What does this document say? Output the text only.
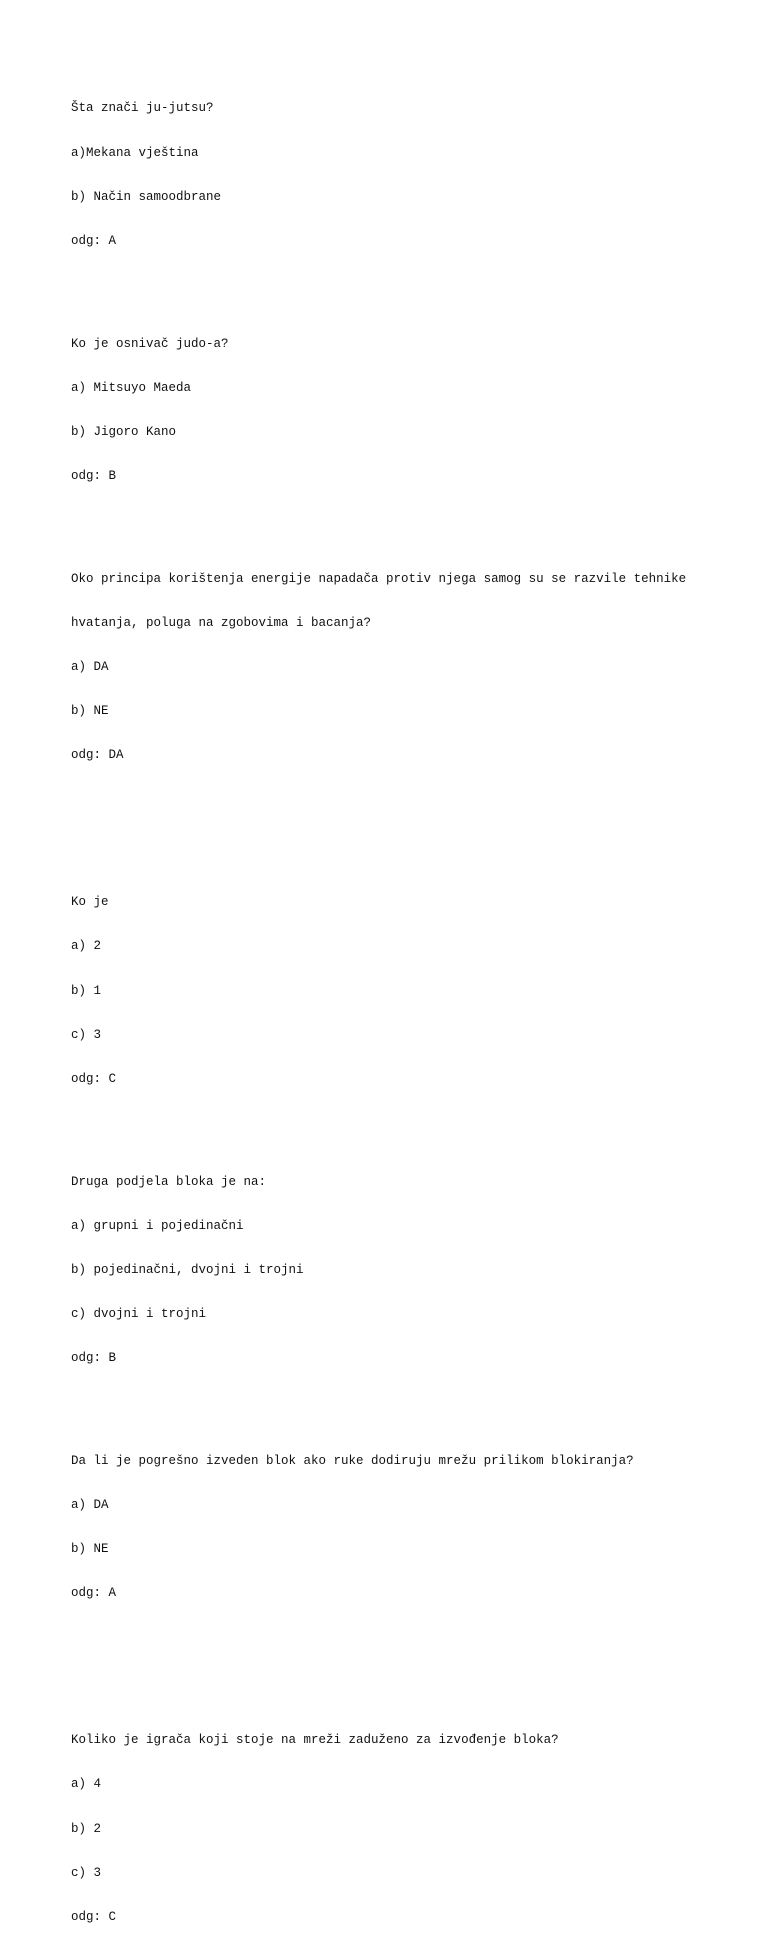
Šta znači ju-jutsu?

a)Mekana vještina

b) Način samoodbrane

odg: A

Ko je osnivač judo-a?

a) Mitsuyo Maeda

b) Jigoro Kano

odg: B

Oko principa korištenja energije napadača protiv njega samog su se razvile tehnike

hvatanja, poluga na zgobovima i bacanja?

a) DA

b) NE

odg: DA

Ko je

a) 2

b) 1

c) 3

odg: C

Druga podjela bloka je na:

a) grupni i pojedinačni

b) pojedinačni, dvojni i trojni

c) dvojni i trojni

odg: B

Da li je pogrešno izveden blok ako ruke dodiruju mrežu prilikom blokiranja?

a) DA

b) NE

odg: A

Koliko je igrača koji stoje na mreži zaduženo za izvođenje bloka?

a) 4

b) 2

c) 3

odg: C
